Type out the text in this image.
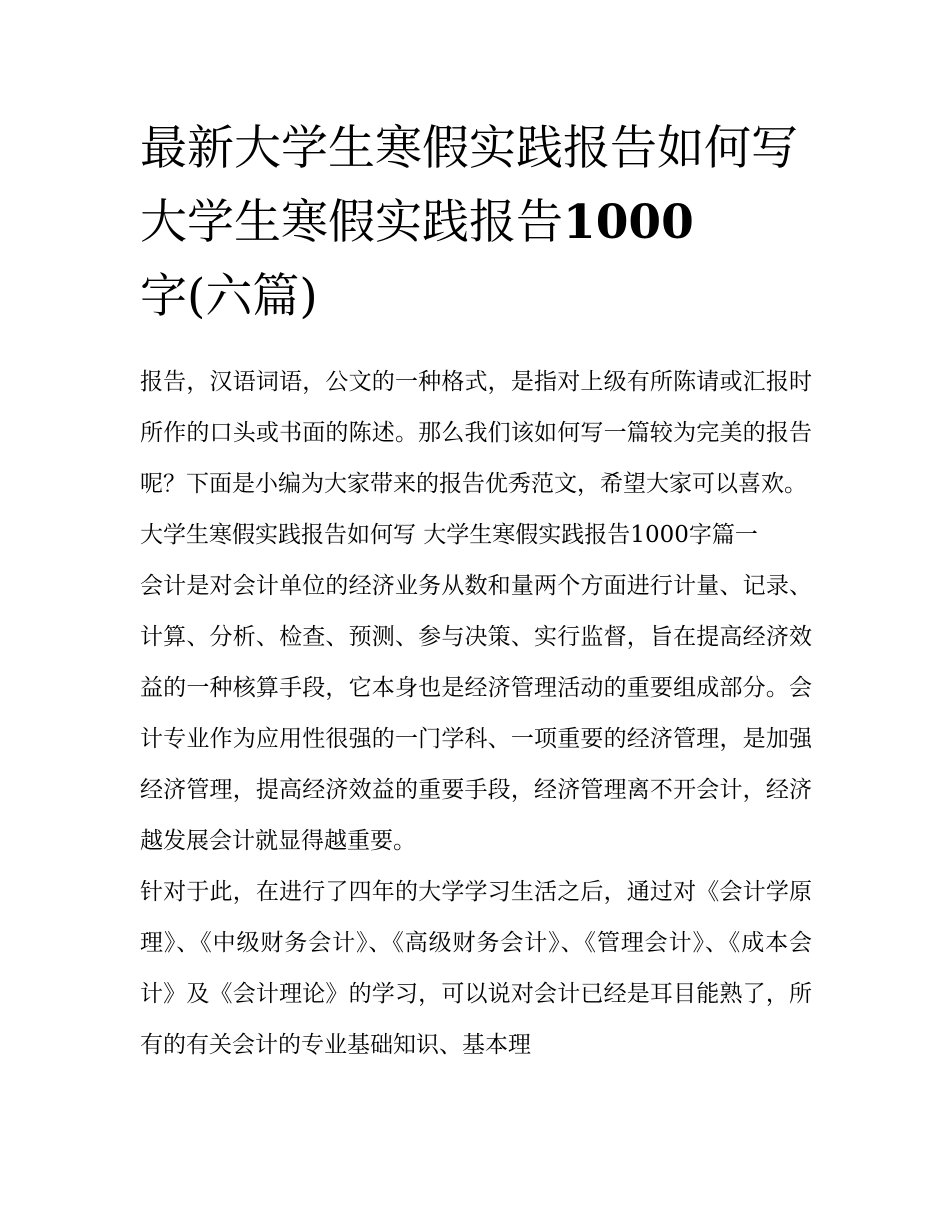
最新大学生寒假实践报告如何写 大学生寒假实践报告1000
字(六篇)

报告，汉语词语，公文的一种格式，是指对上级有所陈请或汇报时所作的口头或书面的陈述。那么我们该如何写一篇较为完美的报告呢？下面是小编为大家带来的报告优秀范文，希望大家可以喜欢。

大学生寒假实践报告如何写 大学生寒假实践报告1000字篇一

会计是对会计单位的经济业务从数和量两个方面进行计量、记录、计算、分析、检查、预测、参与决策、实行监督，旨在提高经济效益的一种核算手段，它本身也是经济管理活动的重要组成部分。会计专业作为应用性很强的一门学科、一项重要的经济管理，是加强经济管理，提高经济效益的重要手段，经济管理离不开会计，经济越发展会计就显得越重要。

针对于此，在进行了四年的大学学习生活之后，通过对《会计学原理》、《中级财务会计》、《高级财务会计》、《管理会计》、《成本会计》及《会计理论》的学习，可以说对会计已经是耳目能熟了，所有的有关会计的专业基础知识、基本理
